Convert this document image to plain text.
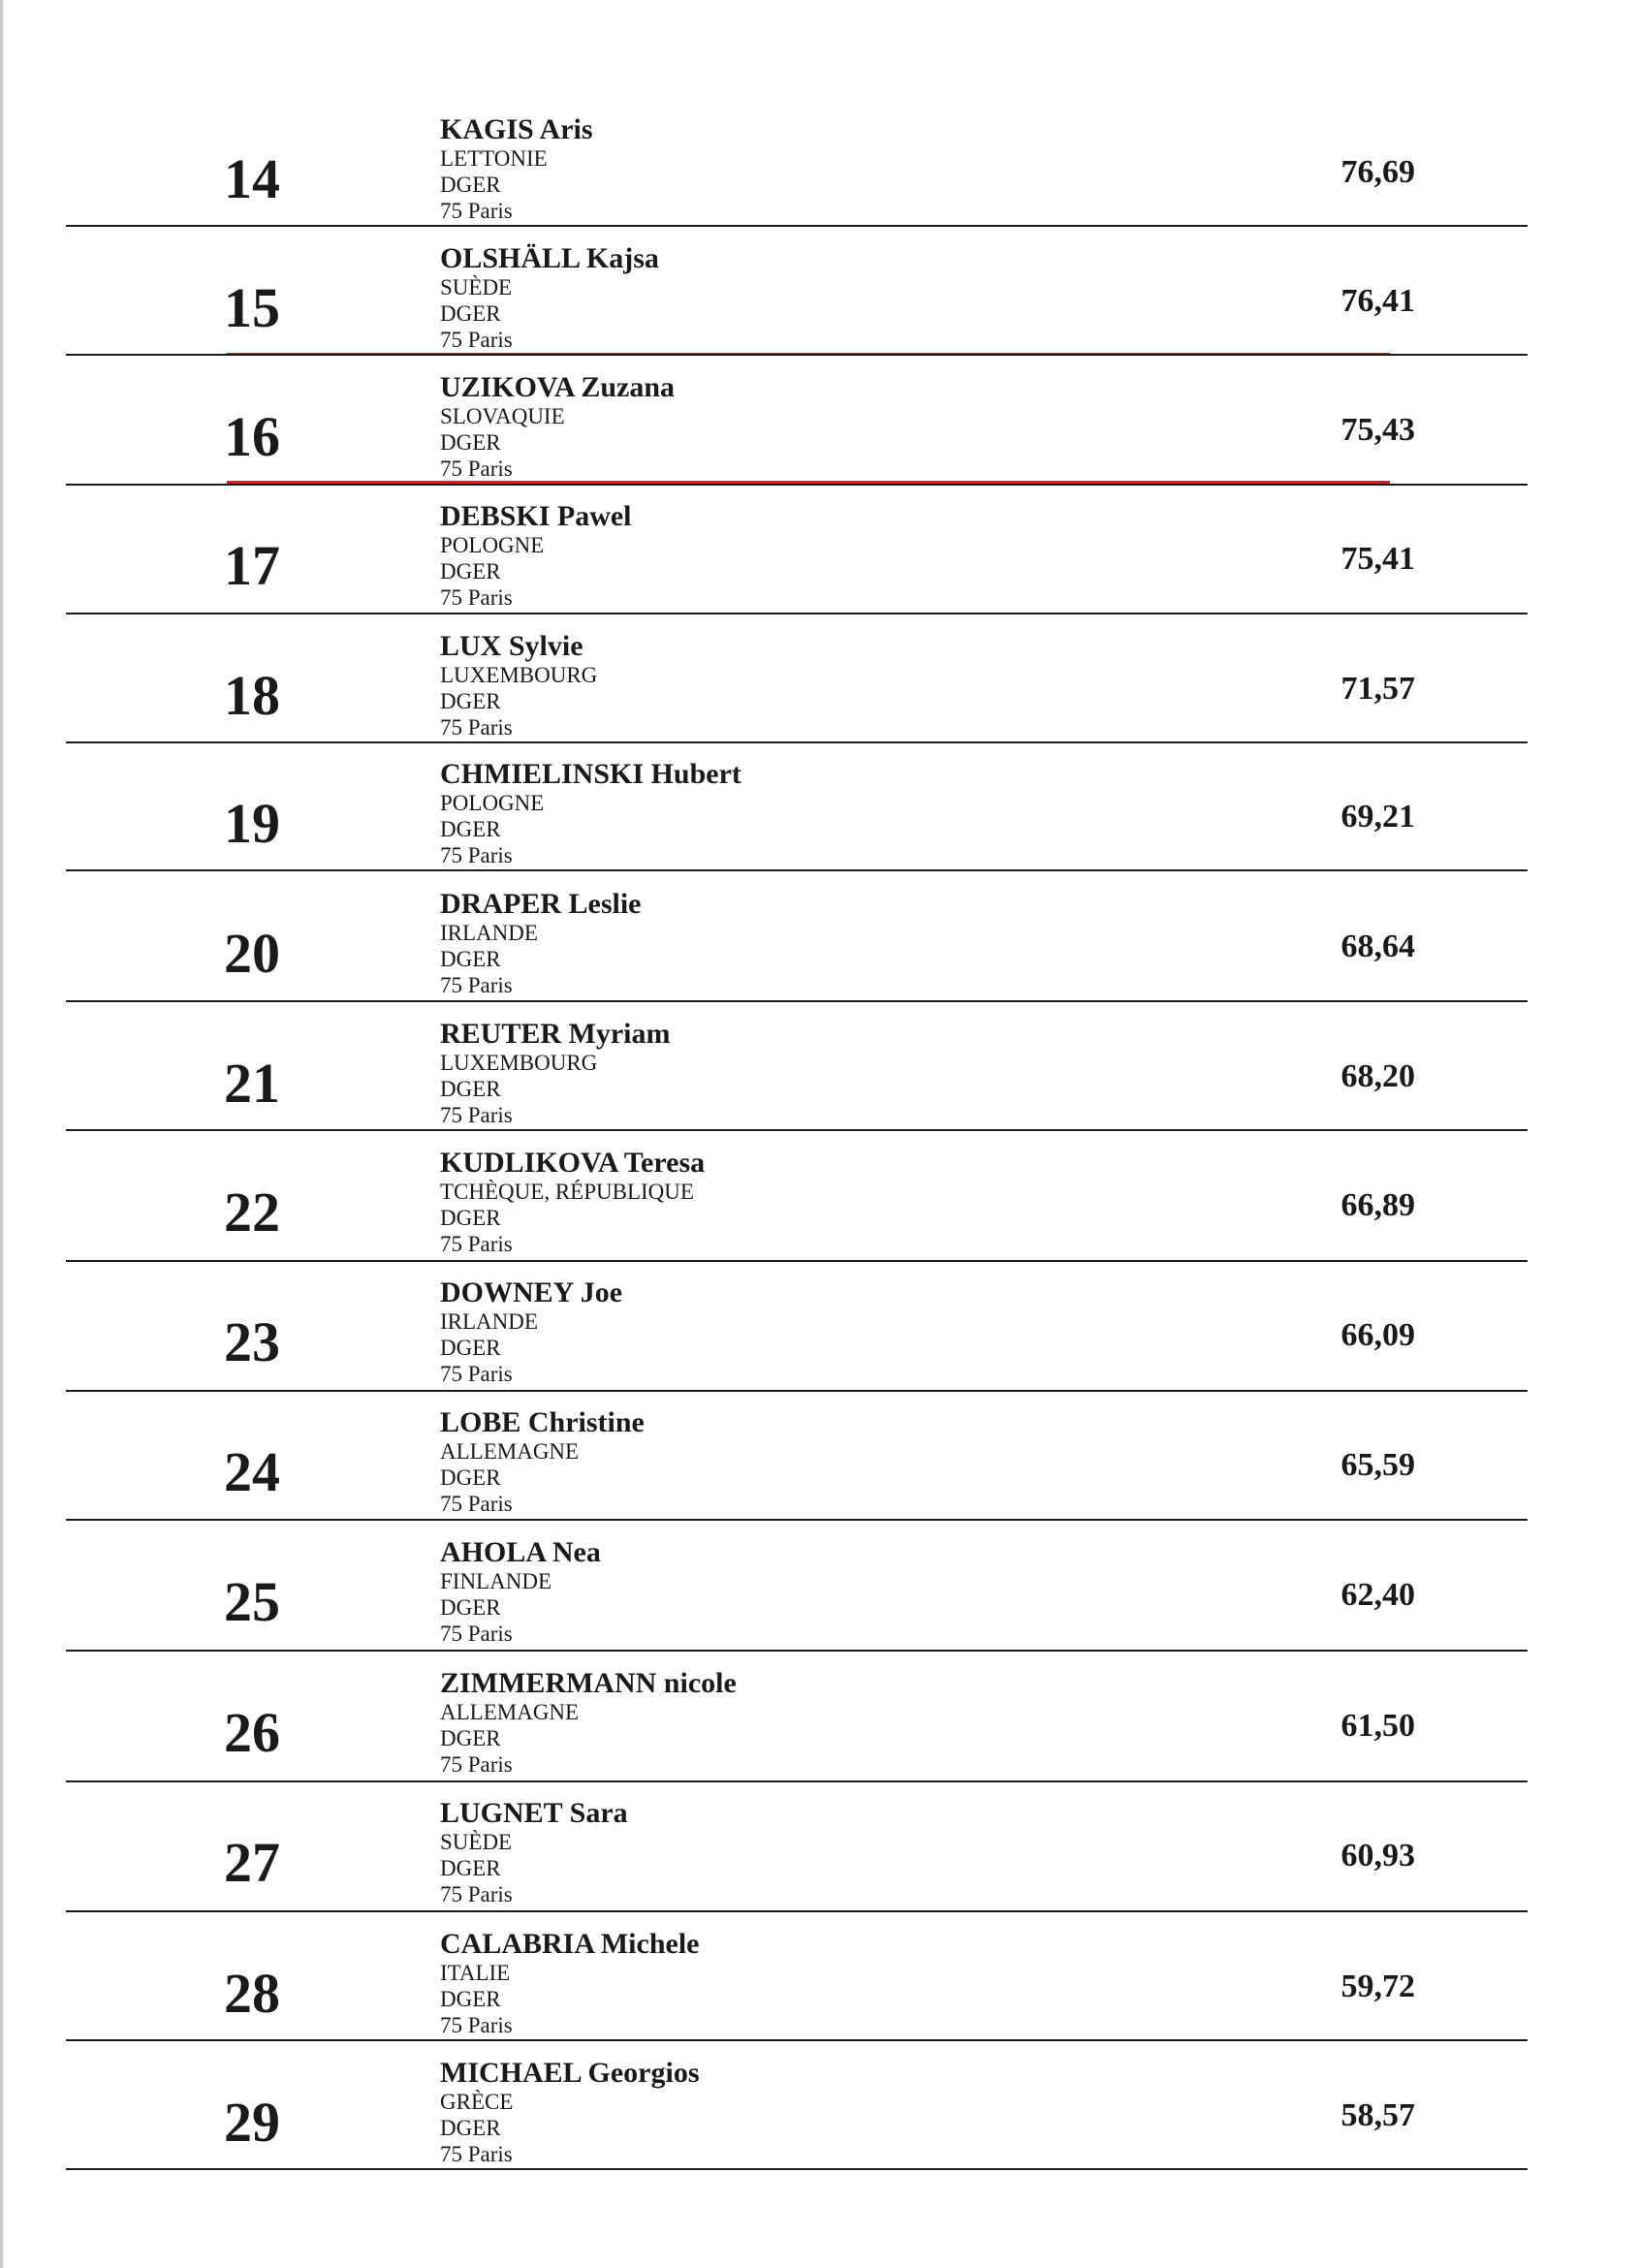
14
KAGIS Aris
LETTONIE
DGER
75 Paris
76,69
15
OLSHÄLL Kajsa
SUÈDE
DGER
75 Paris
76,41
16
UZIKOVA Zuzana
SLOVAQUIE
DGER
75 Paris
75,43
17
DEBSKI Pawel
POLOGNE
DGER
75 Paris
75,41
18
LUX Sylvie
LUXEMBOURG
DGER
75 Paris
71,57
19
CHMIELINSKI Hubert
POLOGNE
DGER
75 Paris
69,21
20
DRAPER Leslie
IRLANDE
DGER
75 Paris
68,64
21
REUTER Myriam
LUXEMBOURG
DGER
75 Paris
68,20
22
KUDLIKOVA Teresa
TCHÈQUE, RÉPUBLIQUE
DGER
75 Paris
66,89
23
DOWNEY Joe
IRLANDE
DGER
75 Paris
66,09
24
LOBE Christine
ALLEMAGNE
DGER
75 Paris
65,59
25
AHOLA Nea
FINLANDE
DGER
75 Paris
62,40
26
ZIMMERMANN nicole
ALLEMAGNE
DGER
75 Paris
61,50
27
LUGNET Sara
SUÈDE
DGER
75 Paris
60,93
28
CALABRIA Michele
ITALIE
DGER
75 Paris
59,72
29
MICHAEL Georgios
GRÈCE
DGER
75 Paris
58,57
